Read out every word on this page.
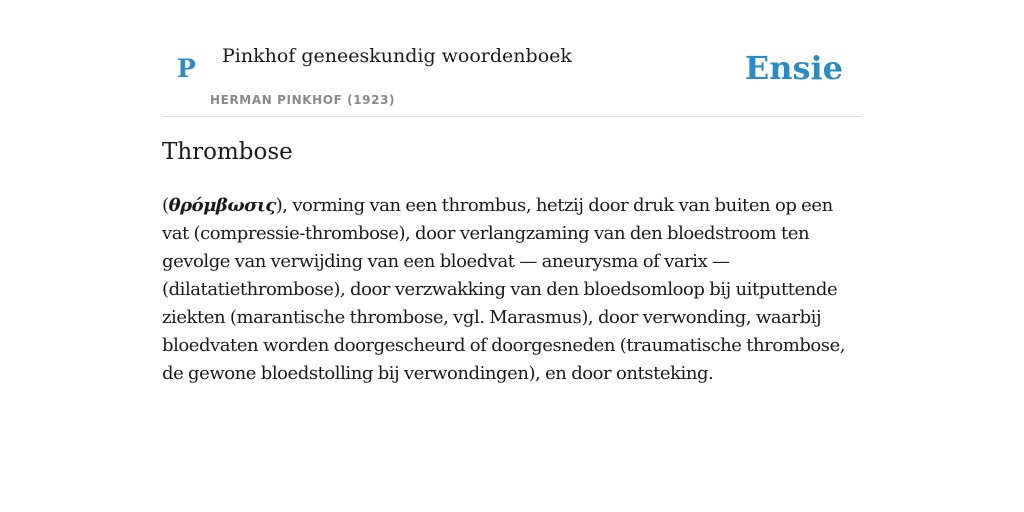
P Pinkhof geneeskundig woordenboek
HERMAN PINKHOF (1923)
Ensie
Thrombose
(θρόμβωσις), vorming van een thrombus, hetzij door druk van buiten op een vat (compressie-thrombose), door verlangzaming van den bloedstroom ten gevolge van verwijding van een bloedvat — aneurysma of varix — (dilatatiethrombose), door verzwakking van den bloedsomloop bij uitputtende ziekten (marantische thrombose, vgl. Marasmus), door verwonding, waarbij bloedvaten worden doorgescheurd of doorgesneden (traumatische thrombose, de gewone bloedstolling bij verwondingen), en door ontsteking.
